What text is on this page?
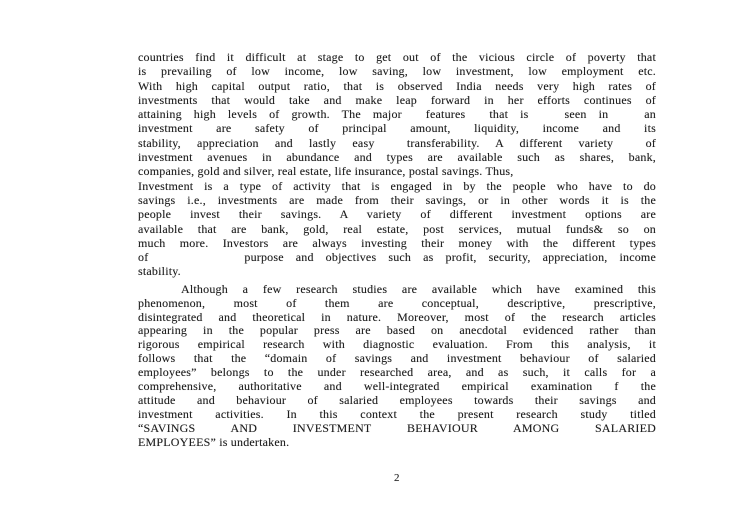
countries find it difficult at stage to get out of the vicious circle of poverty that
is prevailing of low income, low saving, low investment, low employment etc.
With high capital output ratio, that is observed India needs very high rates of
investments that would take and make leap forward in her efforts continues of
attaining high levels of growth. The major  features  that is   seen in   an
investment are safety of principal amount, liquidity, income and its
stability, appreciation and lastly easy  transferability. A different variety  of
investment avenues in abundance and types are available such as shares, bank,
companies, gold and silver, real estate, life insurance, postal savings. Thus,
Investment is a type of activity that is engaged in by the people who have to do
savings i.e., investments are made from their savings, or in other words it is the
people invest their savings. A variety of different investment options are
available that are bank, gold, real estate, post services, mutual funds& so on
much more. Investors are always investing their money with the different types
of        purpose and objectives such as profit, security, appreciation, income
stability.
Although a few research studies are available which have examined this
phenomenon, most of them are conceptual, descriptive, prescriptive,
disintegrated and theoretical in nature. Moreover, most of the research articles
appearing in the popular press are based on anecdotal evidenced rather than
rigorous empirical research with diagnostic evaluation. From this analysis, it
follows that the “domain of savings and investment behaviour of salaried
employees” belongs to the under researched area, and as such, it calls for a
comprehensive, authoritative and well-integrated empirical examination f the
attitude and behaviour of salaried employees towards their savings and
investment activities. In this context the present research study titled
“SAVINGS AND INVESTMENT BEHAVIOUR AMONG SALARIED
EMPLOYEES” is undertaken.
2
